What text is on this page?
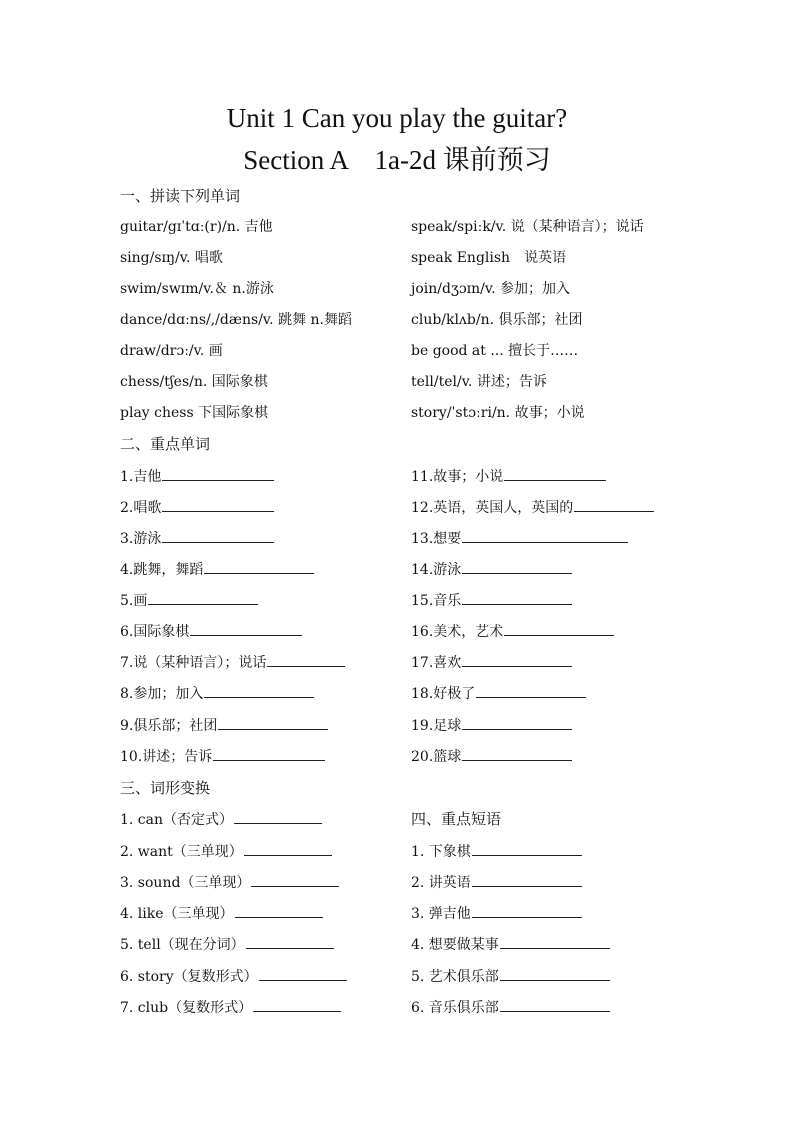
Unit 1 Can you play the guitar?
Section A　1a-2d 课前预习
一、拼读下列单词
guitar/gɪˈtɑː(r)/n. 吉他
sing/sɪŋ/v. 唱歌
swim/swɪm/v.＆ n.游泳
dance/dɑːns/,/dæns/v. 跳舞 n.舞蹈
draw/drɔː/v. 画
chess/tʃes/n. 国际象棋
play chess 下国际象棋
speak/spiːk/v. 说（某种语言）；说话
speak English　说英语
join/dʒɔɪn/v. 参加；加入
club/klʌb/n. 俱乐部；社团
be good at ... 擅长于……
tell/tel/v. 讲述；告诉
story/ˈstɔːri/n. 故事；小说
二、重点单词
1.吉他
2.唱歌
3.游泳
4.跳舞，舞蹈
5.画
6.国际象棋
7.说（某种语言）；说话
8.参加；加入
9.俱乐部；社团
10.讲述；告诉
11.故事；小说
12.英语，英国人，英国的
13.想要
14.游泳
15.音乐
16.美术，艺术
17.喜欢
18.好极了
19.足球
20.篮球
三、词形变换
1. can（否定式）
2. want（三单现）
3. sound（三单现）
4. like（三单现）
5. tell（现在分词）
6. story（复数形式）
7. club（复数形式）
四、重点短语
1. 下象棋
2. 讲英语
3. 弹吉他
4. 想要做某事
5. 艺术俱乐部
6. 音乐俱乐部
